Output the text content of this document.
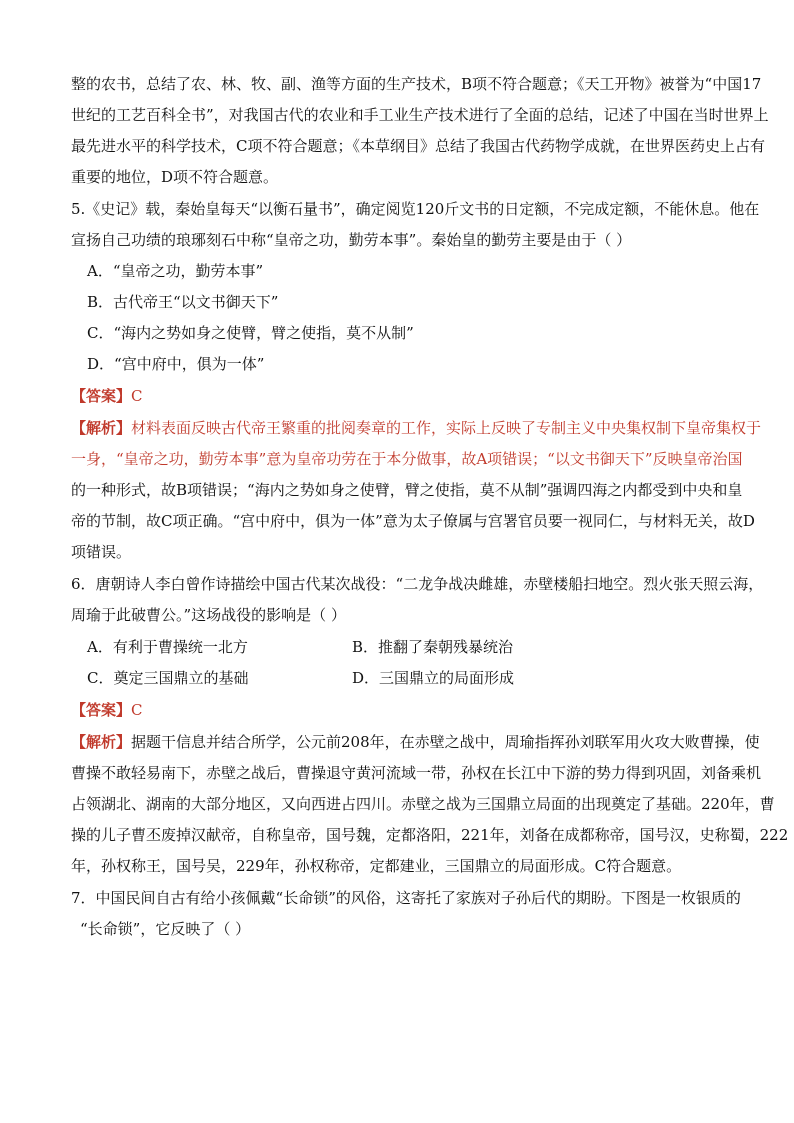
整的农书，总结了农、林、牧、副、渔等方面的生产技术，B项不符合题意；《天工开物》被誉为“中国17
世纪的工艺百科全书”，对我国古代的农业和手工业生产技术进行了全面的总结，记述了中国在当时世界上
最先进水平的科学技术，C项不符合题意；《本草纲目》总结了我国古代药物学成就，在世界医药史上占有
重要的地位，D项不符合题意。
5.《史记》载，秦始皇每天“以衡石量书”，确定阅览120斤文书的日定额，不完成定额，不能休息。他在
宣扬自己功绩的琅琊刻石中称“皇帝之功，勤劳本事”。秦始皇的勤劳主要是由于（ ）
A．“皇帝之功，勤劳本事”
B．古代帝王“以文书御天下”
C．“海内之势如身之使臂，臂之使指，莫不从制”
D．“宫中府中，俱为一体”
【答案】C
【解析】材料表面反映古代帝王繁重的批阅奏章的工作，实际上反映了专制主义中央集权制下皇帝集权于
一身，“皇帝之功，勤劳本事”意为皇帝功劳在于本分做事，故A项错误；“以文书御天下”反映皇帝治国
的一种形式，故B项错误；“海内之势如身之使臂，臂之使指，莫不从制”强调四海之内都受到中央和皇
帝的节制，故C项正确。“宫中府中，俱为一体”意为太子僚属与宫署官员要一视同仁，与材料无关，故D
项错误。
6．唐朝诗人李白曾作诗描绘中国古代某次战役：“二龙争战决雌雄，赤壁楼船扫地空。烈火张天照云海，
周瑜于此破曹公。”这场战役的影响是（ ）
A．有利于曹操统一北方	B．推翻了秦朝残暴统治
C．奠定三国鼎立的基础	D．三国鼎立的局面形成
【答案】C
【解析】据题干信息并结合所学，公元前208年，在赤壁之战中，周瑜指挥孙刘联军用火攻大败曹操，使
曹操不敢轻易南下，赤壁之战后，曹操退守黄河流域一带，孙权在长江中下游的势力得到巩固，刘备乘机
占领湖北、湖南的大部分地区，又向西进占四川。赤壁之战为三国鼎立局面的出现奠定了基础。220年，曹
操的儿子曹丕废掉汉献帝，自称皇帝，国号魏，定都洛阳，221年，刘备在成都称帝，国号汉，史称蜀，222
年，孙权称王，国号吴，229年，孙权称帝，定都建业，三国鼎立的局面形成。C符合题意。
7．中国民间自古有给小孩佩戴“长命锁”的风俗，这寄托了家族对子孙后代的期盼。下图是一枚银质的
“长命锁”，它反映了（ ）
